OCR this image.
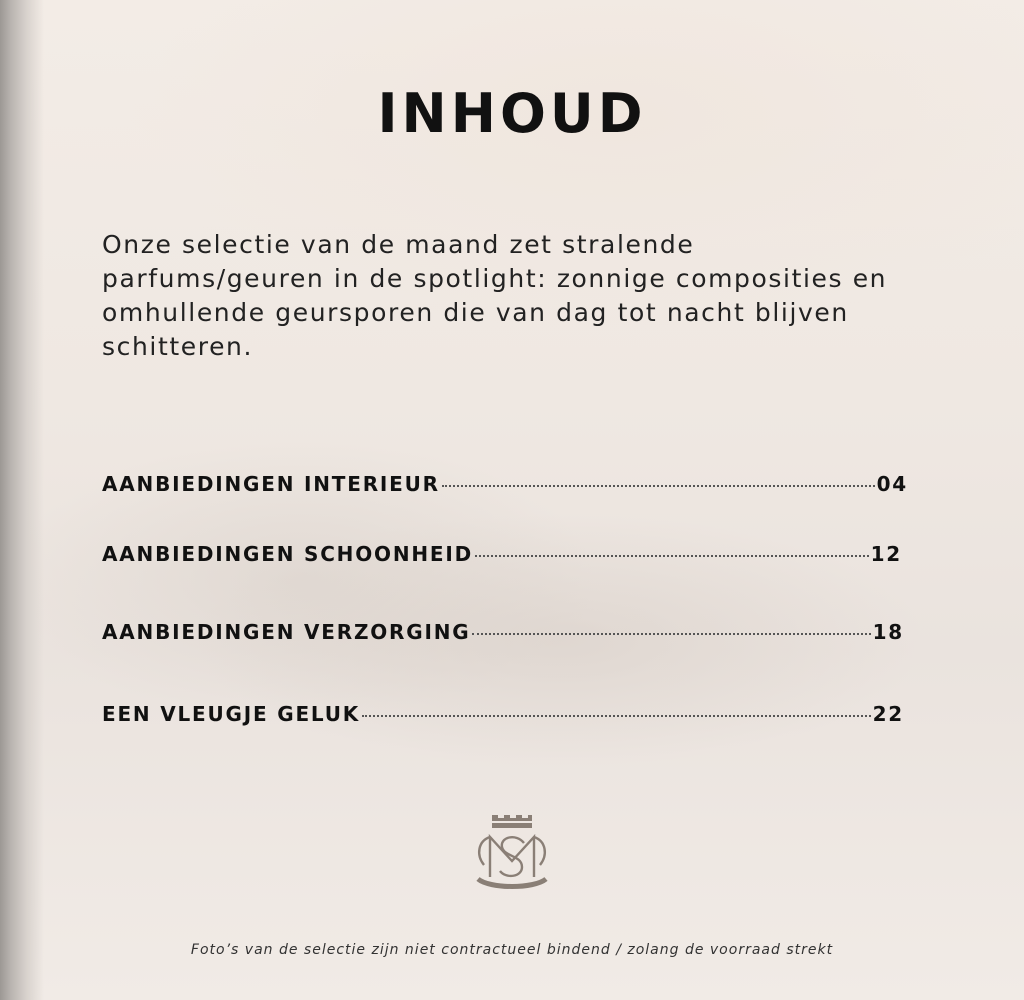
INHOUD

Onze selectie van de maand zet stralende parfums/geuren in de spotlight: zonnige composities en omhullende geursporen die van dag tot nacht blijven schitteren.

AANBIEDINGEN INTERIEUR	04
AANBIEDINGEN SCHOONHEID	12
AANBIEDINGEN VERZORGING	18
EEN VLEUGJE GELUK	22

Foto’s van de selectie zijn niet contractueel bindend / zolang de voorraad strekt
